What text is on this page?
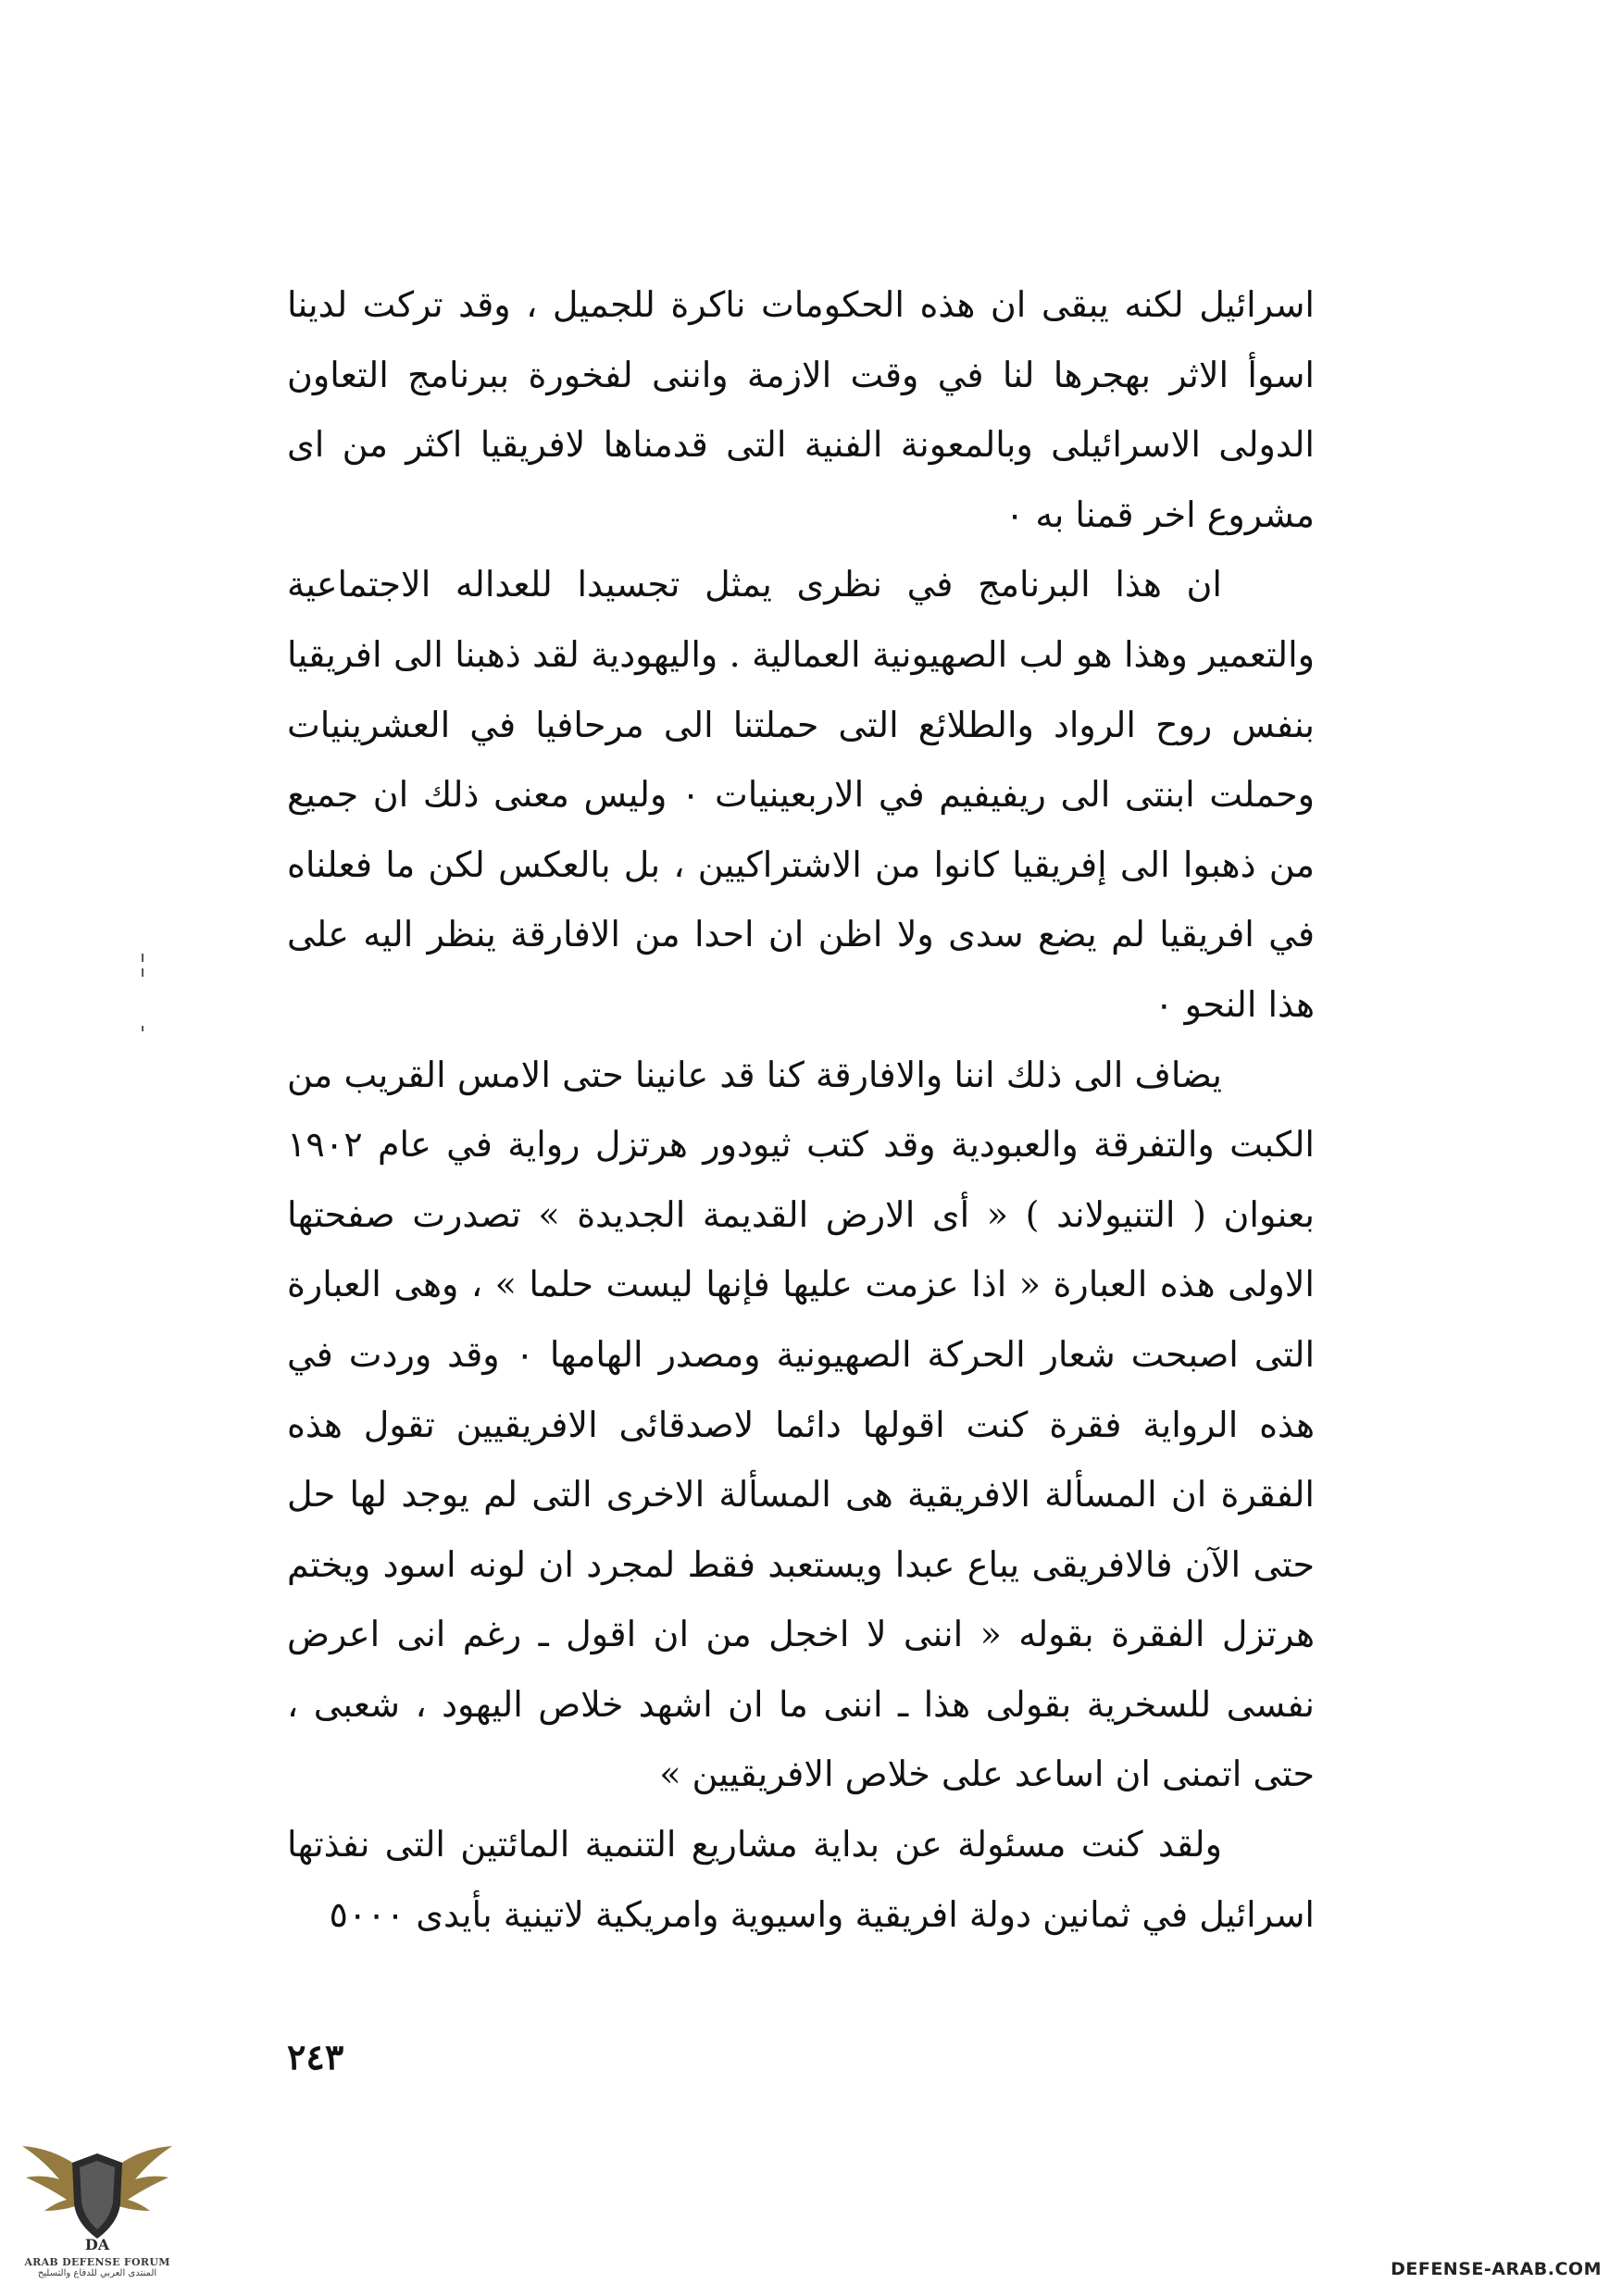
اسرائيل لكنه يبقى ان هذه الحكومات ناكرة للجميل ، وقد تركت لدينا اسوأ الاثر بهجرها لنا في وقت الازمة واننى لفخورة ببرنامج التعاون الدولى الاسرائيلى وبالمعونة الفنية التى قدمناها لافريقيا اكثر من اى مشروع اخر قمنا به ٠

ان هذا البرنامج في نظرى يمثل تجسيدا للعداله الاجتماعية والتعمير وهذا هو لب الصهيونية العمالية . واليهودية لقد ذهبنا الى افريقيا بنفس روح الرواد والطلائع التى حملتنا الى مرحافيا في العشرينيات وحملت ابنتى الى ريفيفيم في الاربعينيات ٠ وليس معنى ذلك ان جميع من ذهبوا الى إفريقيا كانوا من الاشتراكيين ، بل بالعكس لكن ما فعلناه في افريقيا لم يضع سدى ولا اظن ان احدا من الافارقة ينظر اليه على هذا النحو ٠

يضاف الى ذلك اننا والافارقة كنا قد عانينا حتى الامس القريب من الكبت والتفرقة والعبودية وقد كتب ثيودور هرتزل رواية في عام ١٩٠٢ بعنوان ( التنيولاند ) « أى الارض القديمة الجديدة » تصدرت صفحتها الاولى هذه العبارة « اذا عزمت عليها فإنها ليست حلما » ، وهى العبارة التى اصبحت شعار الحركة الصهيونية ومصدر الهامها ٠ وقد وردت في هذه الرواية فقرة كنت اقولها دائما لاصدقائى الافريقيين تقول هذه الفقرة ان المسألة الافريقية هى المسألة الاخرى التى لم يوجد لها حل حتى الآن فالافريقى يباع عبدا ويستعبد فقط لمجرد ان لونه اسود ويختم هرتزل الفقرة بقوله « اننى لا اخجل من ان اقول ـ رغم انى اعرض نفسى للسخرية بقولى هذا ـ اننى ما ان اشهد خلاص اليهود ، شعبى ، حتى اتمنى ان اساعد على خلاص الافريقيين »

ولقد كنت مسئولة عن بداية مشاريع التنمية المائتين التى نفذتها اسرائيل في ثمانين دولة افريقية واسيوية وامريكية لاتينية بأيدى ٥٠٠٠

٢٤٣
DA
ARAB DEFENSE FORUM
المنتدى العربي للدفاع والتسليح	DEFENSE-ARAB.COM
